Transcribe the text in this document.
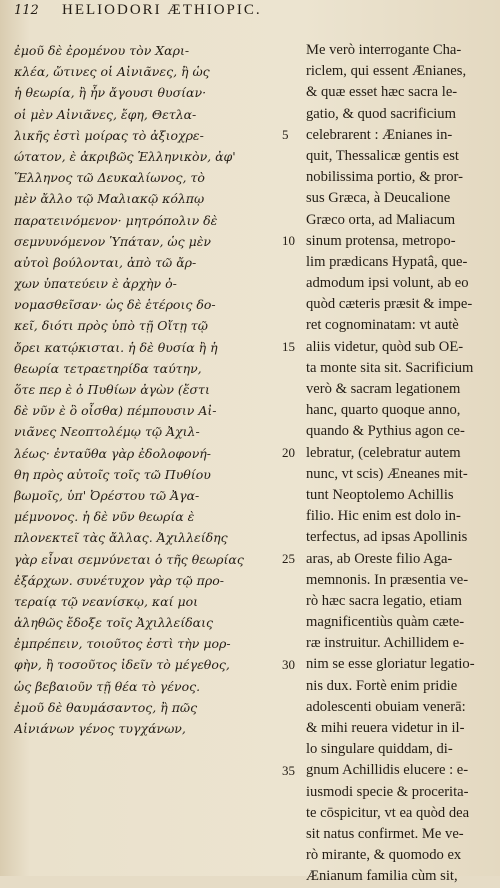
112	HELIODORI ÆTHIOPIC.
ἐμοῦ δὲ ἐρομένου τὸν Χαρι-
κλέα, ὤτινες οἱ Αἰνιᾶνες, ἢ ὡς
ἡ θεωρία, ἢ ἦν ἄγουσι θυσίαν·
οἱ μὲν Αἰνιᾶνες, ἔφη, Θετλα-
λικῆς ἐστὶ μοίρας τὸ ἀξιοχρε-
ώτατον, ὲ ἀκριβῶς Ἑλληνικὸν, ἀφ'
Ἕλληνος τῶ Δευκαλίωνος, τὸ
μὲν ἄλλο τῷ Μαλιακῷ κόλπῳ
παρατεινόμενον· μητρόπολιν δὲ
σεμνυνόμενον Ὑπάταν, ὡς μὲν
αὐτοὶ βούλονται, ἀπὸ τῶ ἄρ-
χων ὑπατεύειν ὲ ἀρχὴν ὀ-
νομασθεῖσαν· ὡς δὲ ἑτέροις δο-
κεῖ, διότι πρὸς ὑπὸ τῇ Οἴτῃ τῷ
ὄρει κατῴκισται. ἡ δὲ θυσία ἢ ἡ
θεωρία τετραετηρίδα ταύτην,
ὅτε περ ὲ ὁ Πυθίων ἀγὼν (ἔστι
δὲ νῦν ὲ ὃ οἶσθα) πέμπουσιν Αἰ-
νιᾶνες Νεοπτολέμῳ τῷ Ἀχιλ-
λέως· ἐνταῦθα γὰρ ἐδολοφονή-
θη πρὸς αὐτοῖς τοῖς τῶ Πυθίου
βωμοῖς, ὑπ' Ὀρέστου τῶ Ἀγα-
μέμνονος. ἡ δὲ νῦν θεωρία ὲ
πλονεκτεῖ τὰς ἄλλας. Ἀχιλλείδης
γὰρ εἶναι σεμνύνεται ὁ τῆς θεωρίας
ἐξάρχων. συνέτυχον γὰρ τῷ προ-
τεραίᾳ τῷ νεανίσκῳ, καί μοι
ἀληθῶς ἔδοξε τοῖς Ἀχιλλείδαις
ἐμπρέπειν, τοιοῦτος ἐστὶ τὴν μορ-
φὴν, ἢ τοσοῦτος ἰδεῖν τὸ μέγεθος,
ὡς βεβαιοῦν τῇ θέα τὸ γένος.
ἐμοῦ δὲ θαυμάσαντος, ἢ πῶς
Αἰνιάνων γένος τυγχάνων,
5
10
15
20
25
30
35
Me verò interrogante Cha-
riclem, qui essent Ænianes,
& quæ esset hæc sacra le-
gatio, & quod sacrificium
celebrarent : Ænianes in-
quit, Thessalicæ gentis est
nobilissima portio, & pror-
sus Græca, à Deucalione
Græco orta, ad Maliacum
sinum protensa, metropo-
lim prædicans Hypatâ, que-
admodum ipsi volunt, ab eo
quòd cæteris præsit & impe-
ret cognominatam: vt autè
aliis videtur, quòd sub OE-
ta monte sita sit. Sacrificium
verò & sacram legationem
hanc, quarto quoque anno,
quando & Pythius agon ce-
lebratur, (celebratur autem
nunc, vt scis) Æneanes mit-
tunt Neoptolemo Achillis
filio. Hic enim est dolo in-
terfectus, ad ipsas Apollinis
aras, ab Oreste filio Aga-
memnonis. In præsentia ve-
rò hæc sacra legatio, etiam
magnificentiùs quàm cæte-
ræ instruitur. Achillidem e-
nim se esse gloriatur legatio-
nis dux. Fortè enim pridie
adolescenti obuiam venerā:
& mihi reuera videtur in il-
lo singulare quiddam, di-
gnum Achillidis elucere : e-
iusmodi specie & procerita-
te cōspicitur, vt ea quòd dea
sit natus confirmet. Me ve-
rò mirante, & quomodo ex
Ænianum familia cùm sit,
